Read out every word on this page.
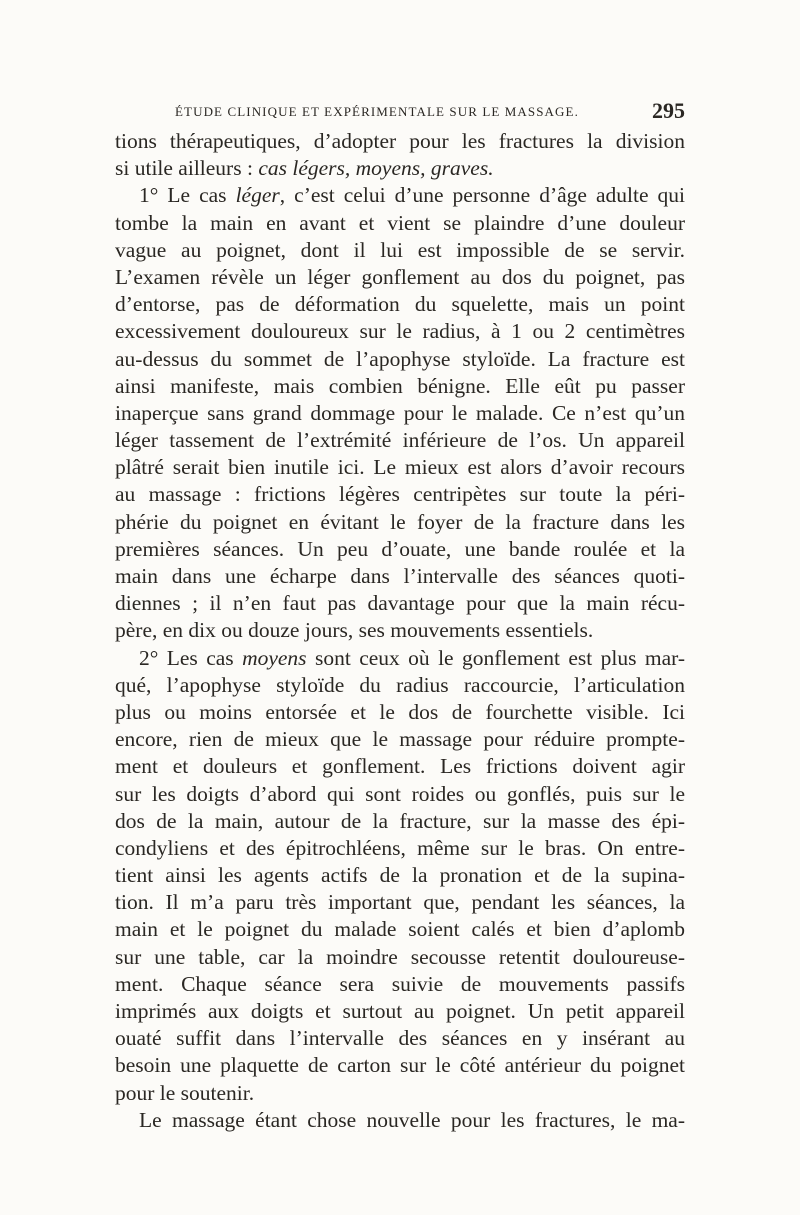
ÉTUDE CLINIQUE ET EXPÉRIMENTALE SUR LE MASSAGE.	295
tions thérapeutiques, d’adopter pour les fractures la division
si utile ailleurs : cas légers, moyens, graves.
1° Le cas léger, c’est celui d’une personne d’âge adulte qui
tombe la main en avant et vient se plaindre d’une douleur
vague au poignet, dont il lui est impossible de se servir.
L’examen révèle un léger gonflement au dos du poignet, pas
d’entorse, pas de déformation du squelette, mais un point
excessivement douloureux sur le radius, à 1 ou 2 centimètres
au-dessus du sommet de l’apophyse styloïde. La fracture est
ainsi manifeste, mais combien bénigne. Elle eût pu passer
inaperçue sans grand dommage pour le malade. Ce n’est qu’un
léger tassement de l’extrémité inférieure de l’os. Un appareil
plâtré serait bien inutile ici. Le mieux est alors d’avoir recours
au massage : frictions légères centripètes sur toute la péri-
phérie du poignet en évitant le foyer de la fracture dans les
premières séances. Un peu d’ouate, une bande roulée et la
main dans une écharpe dans l’intervalle des séances quoti-
diennes ; il n’en faut pas davantage pour que la main récu-
père, en dix ou douze jours, ses mouvements essentiels.
2° Les cas moyens sont ceux où le gonflement est plus mar-
qué, l’apophyse styloïde du radius raccourcie, l’articulation
plus ou moins entorsée et le dos de fourchette visible. Ici
encore, rien de mieux que le massage pour réduire prompte-
ment et douleurs et gonflement. Les frictions doivent agir
sur les doigts d’abord qui sont roides ou gonflés, puis sur le
dos de la main, autour de la fracture, sur la masse des épi-
condyliens et des épitrochléens, même sur le bras. On entre-
tient ainsi les agents actifs de la pronation et de la supina-
tion. Il m’a paru très important que, pendant les séances, la
main et le poignet du malade soient calés et bien d’aplomb
sur une table, car la moindre secousse retentit douloureuse-
ment. Chaque séance sera suivie de mouvements passifs
imprimés aux doigts et surtout au poignet. Un petit appareil
ouaté suffit dans l’intervalle des séances en y insérant au
besoin une plaquette de carton sur le côté antérieur du poignet
pour le soutenir.
Le massage étant chose nouvelle pour les fractures, le ma-
